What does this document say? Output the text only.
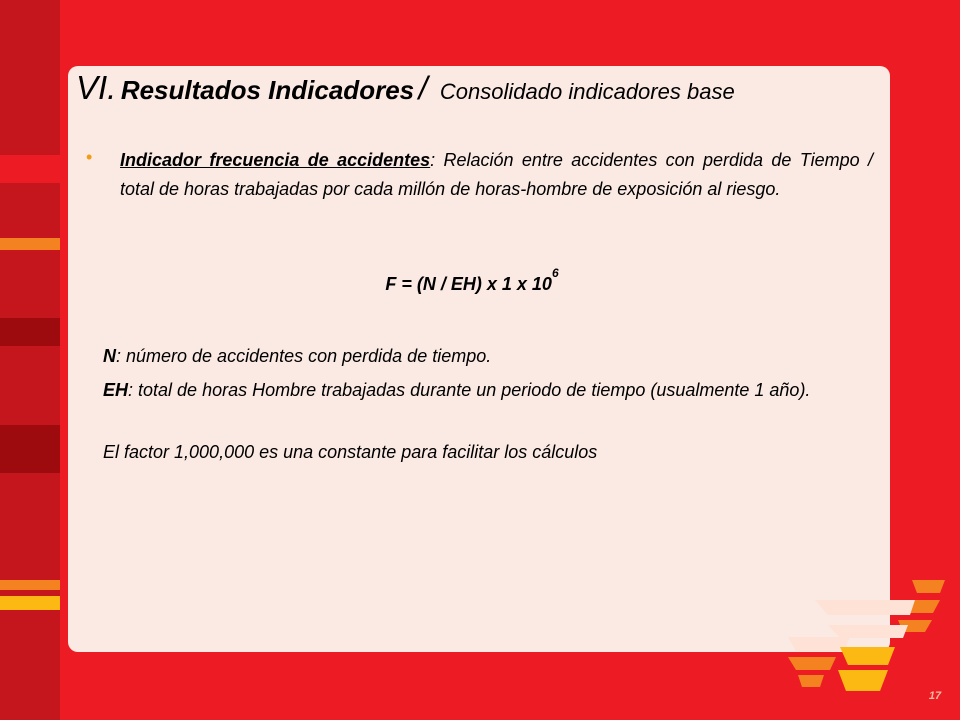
VI. Resultados Indicadores / Consolidado indicadores base
• Indicador frecuencia de accidentes: Relación entre accidentes con perdida de Tiempo / total de horas trabajadas por cada millón de horas-hombre de exposición al riesgo.
F = (N / EH) x 1 x $10^6$
N: número de accidentes con perdida de tiempo.
EH: total de horas Hombre trabajadas durante un periodo de tiempo (usualmente 1 año).
El factor 1,000,000 es una constante para facilitar los cálculos
17
